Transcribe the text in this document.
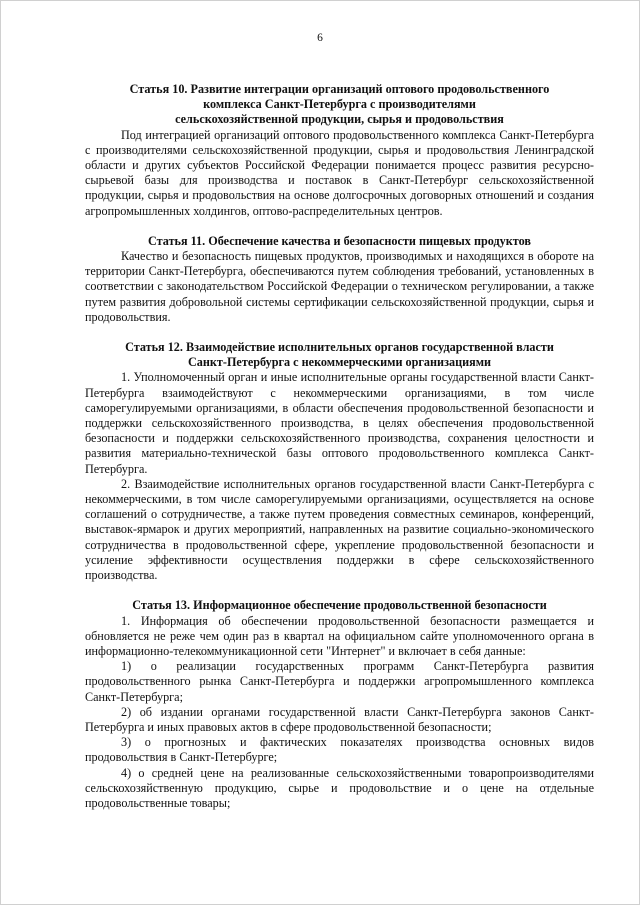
6

Статья 10. Развитие интеграции организаций оптового продовольственного
комплекса Санкт-Петербурга с производителями
сельскохозяйственной продукции, сырья и продовольствия

Под интеграцией организаций оптового продовольственного комплекса Санкт-Петербурга с производителями сельскохозяйственной продукции, сырья и продовольствия Ленинградской области и других субъектов Российской Федерации понимается процесс развития ресурсно-сырьевой базы для производства и поставок в Санкт-Петербург сельскохозяйственной продукции, сырья и продовольствия на основе долгосрочных договорных отношений и создания агропромышленных холдингов, оптово-распределительных центров.

Статья 11. Обеспечение качества и безопасности пищевых продуктов

Качество и безопасность пищевых продуктов, производимых и находящихся в обороте на территории Санкт-Петербурга, обеспечиваются путем соблюдения требований, установленных в соответствии с законодательством Российской Федерации о техническом регулировании, а также путем развития добровольной системы сертификации сельскохозяйственной продукции, сырья и продовольствия.

Статья 12. Взаимодействие исполнительных органов государственной власти
Санкт-Петербурга с некоммерческими организациями

1. Уполномоченный орган и иные исполнительные органы государственной власти Санкт-Петербурга взаимодействуют с некоммерческими организациями, в том числе саморегулируемыми организациями, в области обеспечения продовольственной безопасности и поддержки сельскохозяйственного производства, в целях обеспечения продовольственной безопасности и поддержки сельскохозяйственного производства, сохранения целостности и развития материально-технической базы оптового продовольственного комплекса Санкт-Петербурга.

2. Взаимодействие исполнительных органов государственной власти Санкт-Петербурга с некоммерческими, в том числе саморегулируемыми организациями, осуществляется на основе соглашений о сотрудничестве, а также путем проведения совместных семинаров, конференций, выставок-ярмарок и других мероприятий, направленных на развитие социально-экономического сотрудничества в продовольственной сфере, укрепление продовольственной безопасности и усиление эффективности осуществления поддержки в сфере сельскохозяйственного производства.

Статья 13. Информационное обеспечение продовольственной безопасности

1. Информация об обеспечении продовольственной безопасности размещается и обновляется не реже чем один раз в квартал на официальном сайте уполномоченного органа в информационно-телекоммуникационной сети "Интернет" и включает в себя данные:

1) о реализации государственных программ Санкт-Петербурга развития продовольственного рынка Санкт-Петербурга и поддержки агропромышленного комплекса Санкт-Петербурга;

2) об издании органами государственной власти Санкт-Петербурга законов Санкт-Петербурга и иных правовых актов в сфере продовольственной безопасности;

3) о прогнозных и фактических показателях производства основных видов продовольствия в Санкт-Петербурге;

4) о средней цене на реализованные сельскохозяйственными товаропроизводителями сельскохозяйственную продукцию, сырье и продовольствие и о цене на отдельные продовольственные товары;
